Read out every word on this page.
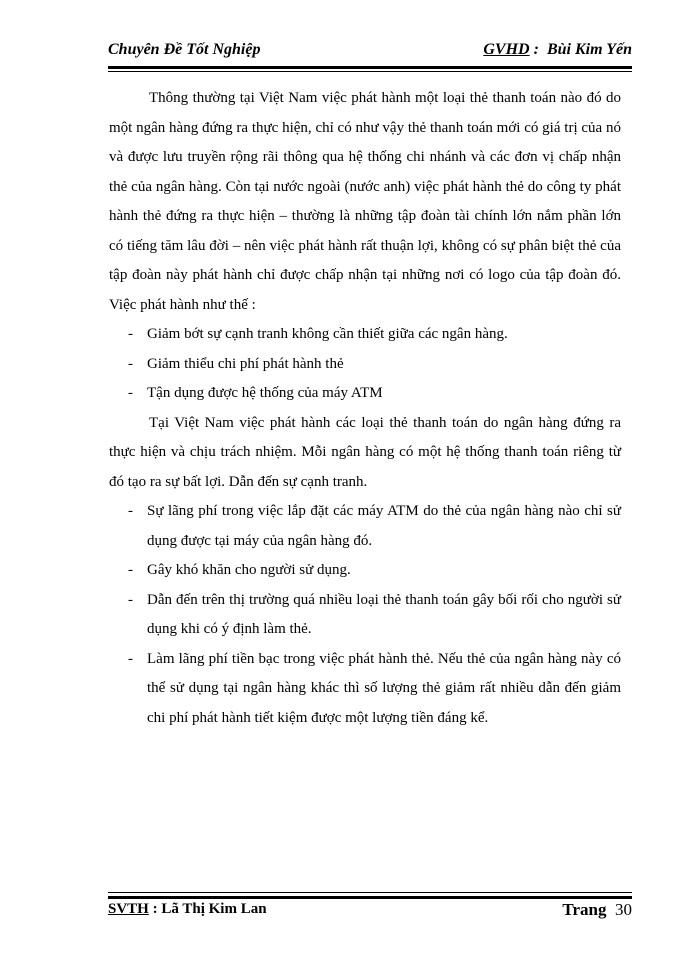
Chuyên Đề Tốt Nghiệp	GVHD :  Bùi Kim Yến

Thông thường tại Việt Nam việc phát hành một loại thẻ thanh toán nào đó do một ngân hàng đứng ra thực hiện, chỉ có như vậy thẻ thanh toán mới có giá trị của nó và được lưu truyền rộng rãi thông qua hệ thống chi nhánh và các đơn vị chấp nhận thẻ của ngân hàng. Còn tại nước ngoài (nước anh) việc phát hành thẻ do công ty phát hành thẻ đứng ra thực hiện – thường là những tập đoàn tài chính lớn nắm phần lớn có tiếng tăm lâu đời – nên việc phát hành rất thuận lợi, không có sự phân biệt thẻ của tập đoàn này phát hành chỉ được chấp nhận tại những nơi có logo của tập đoàn đó. Việc phát hành như thế :

- Giảm bớt sự cạnh tranh không cần thiết giữa các ngân hàng.

- Giảm thiểu chi phí phát hành thẻ

- Tận dụng được hệ thống của máy ATM

Tại Việt Nam việc phát hành các loại thẻ thanh toán do ngân hàng đứng ra thực hiện và chịu trách nhiệm. Mỗi ngân hàng có một hệ thống thanh toán riêng từ đó tạo ra sự bất lợi. Dẫn đến sự cạnh tranh.

- Sự lãng phí trong việc lắp đặt các máy ATM do thẻ của ngân hàng nào chỉ sử dụng được tại máy của ngân hàng đó.

- Gây khó khăn cho người sử dụng.

- Dẫn đến trên thị trường quá nhiều loại thẻ thanh toán gây bối rối cho người sử dụng khi có ý định làm thẻ.

- Làm lãng phí tiền bạc trong việc phát hành thẻ. Nếu thẻ của ngân hàng này có thể sử dụng tại ngân hàng khác thì số lượng thẻ giảm rất nhiều dẫn đến giảm chi phí phát hành tiết kiệm được một lượng tiền đáng kể.

SVTH : Lã Thị Kim Lan	Trang 30
